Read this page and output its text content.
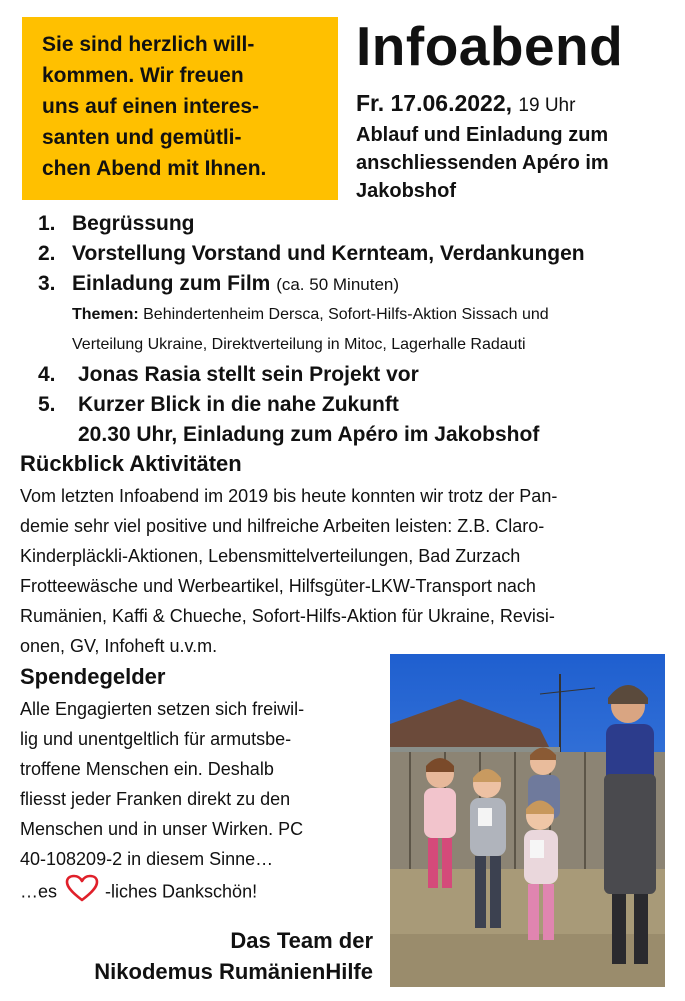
Sie sind herzlich will-
kommen. Wir freuen
uns auf einen interes-
santen und gemütli-
chen Abend mit Ihnen.
Infoabend
Fr. 17.06.2022, 19 Uhr
Ablauf und Einladung zum
anschliessenden Apéro im
Jakobshof
1. Begrüssung
2. Vorstellung Vorstand und Kernteam, Verdankungen
3. Einladung zum Film (ca. 50 Minuten)
Themen: Behindertenheim Dersca, Sofort-Hilfs-Aktion Sissach und
Verteilung Ukraine, Direktverteilung in Mitoc, Lagerhalle Radauti
4. Jonas Rasia stellt sein Projekt vor
5. Kurzer Blick in die nahe Zukunft
20.30 Uhr, Einladung zum Apéro im Jakobshof
Rückblick Aktivitäten
Vom letzten Infoabend im 2019 bis heute konnten wir trotz der Pan-
demie sehr viel positive und hilfreiche Arbeiten leisten: Z.B. Claro-
Kinderpläckli-Aktionen, Lebensmittelverteilungen, Bad Zurzach
Frotteewäsche und Werbeartikel, Hilfsgüter-LKW-Transport nach
Rumänien, Kaffi & Chueche, Sofort-Hilfs-Aktion für Ukraine, Revisi-
onen, GV, Infoheft u.v.m.
Spendegelder
Alle Engagierten setzen sich freiwil-
lig und unentgeltlich für armutsbe-
troffene Menschen ein. Deshalb
fliesst jeder Franken direkt zu den
Menschen und in unser Wirken. PC
40-108209-2 in diesem Sinne…
…es	-liches Dankschön!
Das Team der
Nikodemus RumänienHilfe
